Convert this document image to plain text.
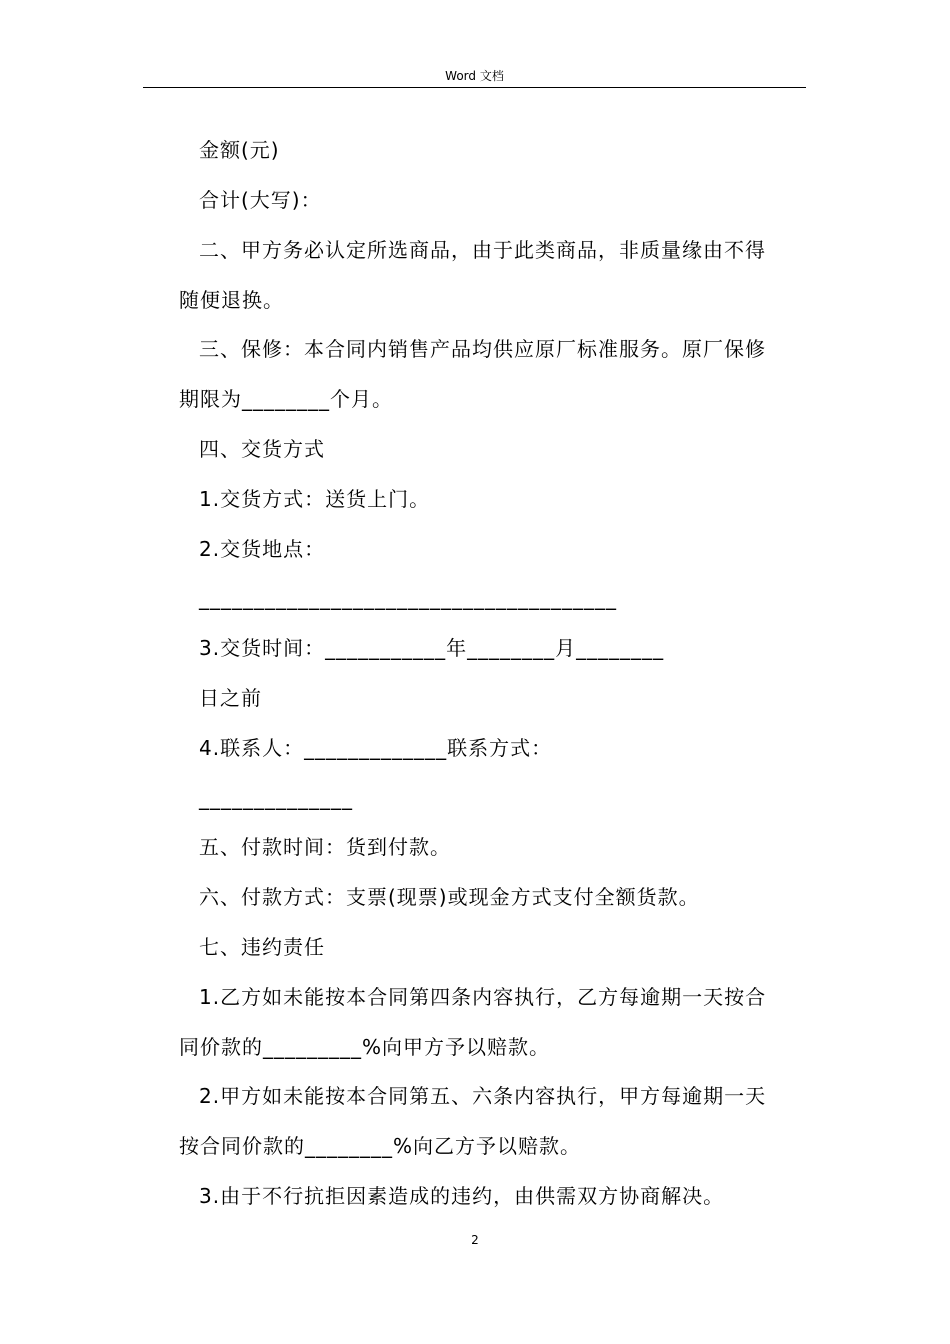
Word 文档
金额(元)
合计(大写)：
二、甲方务必认定所选商品，由于此类商品，非质量缘由不得
随便退换。
三、保修：本合同内销售产品均供应原厂标准服务。原厂保修
期限为________个月。
四、交货方式
1.交货方式：送货上门。
2.交货地点：
______________________________________
3.交货时间：___________年________月________
日之前
4.联系人：_____________联系方式：
______________
五、付款时间：货到付款。
六、付款方式：支票(现票)或现金方式支付全额货款。
七、违约责任
1.乙方如未能按本合同第四条内容执行，乙方每逾期一天按合
同价款的_________%向甲方予以赔款。
2.甲方如未能按本合同第五、六条内容执行，甲方每逾期一天
按合同价款的________%向乙方予以赔款。
3.由于不行抗拒因素造成的违约，由供需双方协商解决。
2
